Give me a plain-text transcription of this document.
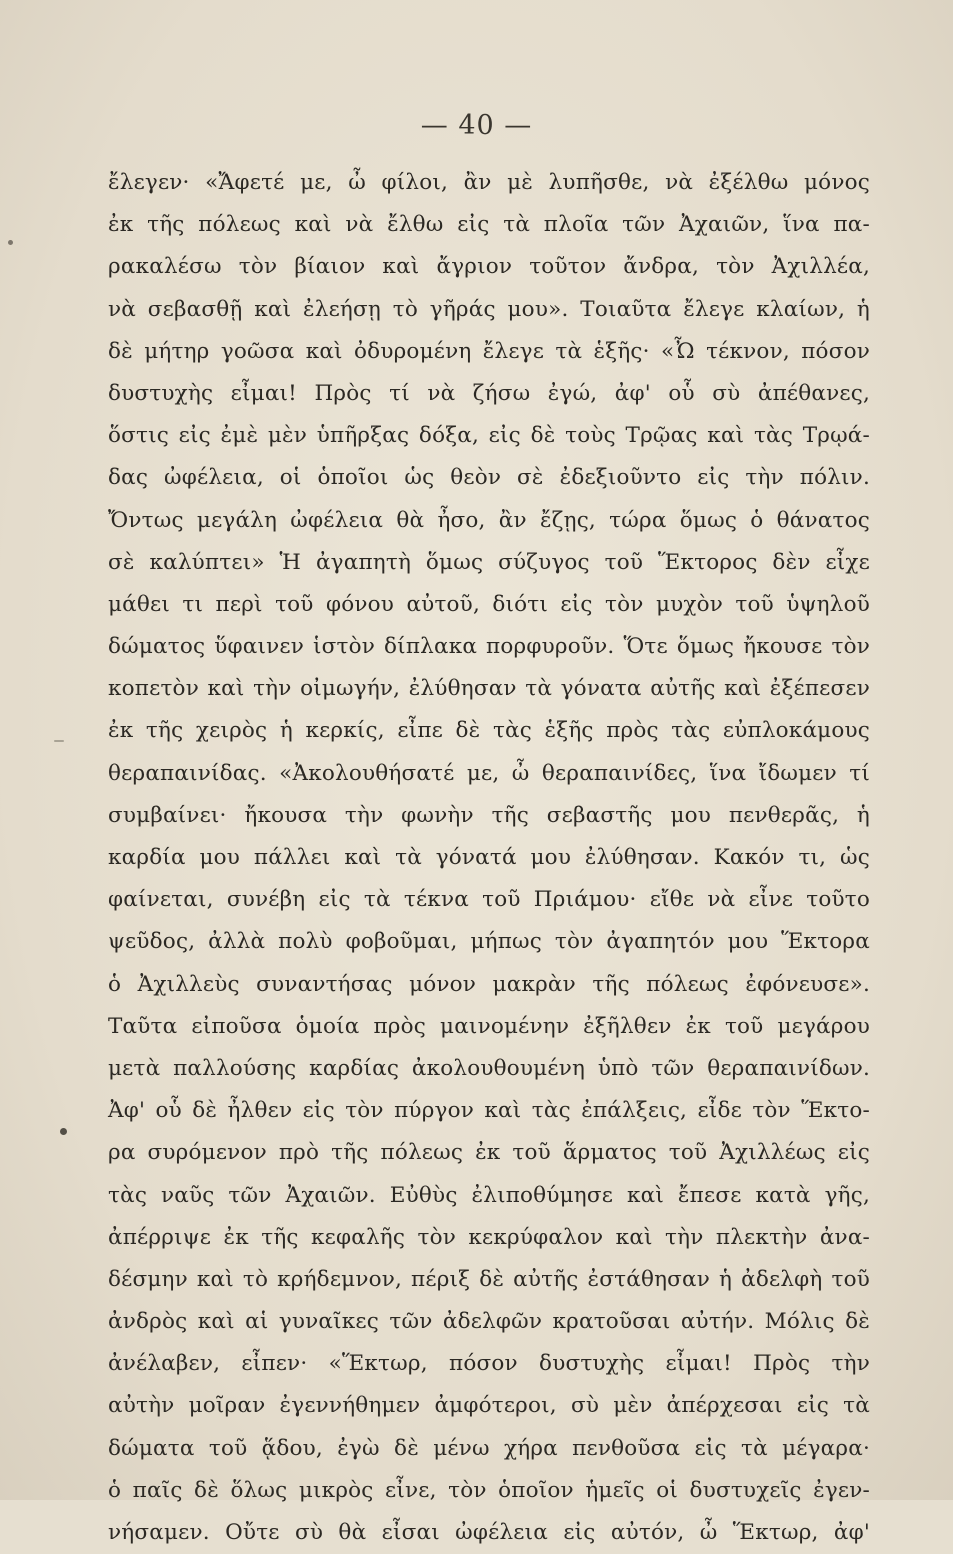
— 40 —
ἔλεγεν· «Ἄφετέ με, ὦ φίλοι, ἂν μὲ λυπῆσθε, νὰ ἐξέλθω μόνος
ἐκ τῆς πόλεως καὶ νὰ ἔλθω εἰς τὰ πλοῖα τῶν Ἀχαιῶν, ἵνα πα-
ρακαλέσω τὸν βίαιον καὶ ἄγριον τοῦτον ἄνδρα, τὸν Ἀχιλλέα,
νὰ σεβασθῇ καὶ ἐλεήσῃ τὸ γῆράς μου». Τοιαῦτα ἔλεγε κλαίων, ἡ
δὲ μήτηρ γοῶσα καὶ ὀδυρομένη ἔλεγε τὰ ἑξῆς· «Ὦ τέκνον, πόσον
δυστυχὴς εἶμαι! Πρὸς τί νὰ ζήσω ἐγώ, ἀφ' οὗ σὺ ἀπέθανες,
ὅστις εἰς ἐμὲ μὲν ὑπῆρξας δόξα, εἰς δὲ τοὺς Τρῷας καὶ τὰς Τρῳά-
δας ὠφέλεια, οἱ ὁποῖοι ὡς θεὸν σὲ ἐδεξιοῦντο εἰς τὴν πόλιν.
Ὄντως μεγάλη ὠφέλεια θὰ ἦσο, ἂν ἔζῃς, τώρα ὅμως ὁ θάνατος
σὲ καλύπτει» Ἡ ἀγαπητὴ ὅμως σύζυγος τοῦ Ἕκτορος δὲν εἶχε
μάθει τι περὶ τοῦ φόνου αὐτοῦ, διότι εἰς τὸν μυχὸν τοῦ ὑψηλοῦ
δώματος ὕφαινεν ἱστὸν δίπλακα πορφυροῦν. Ὅτε ὅμως ἤκουσε τὸν
κοπετὸν καὶ τὴν οἰμωγήν, ἐλύθησαν τὰ γόνατα αὐτῆς καὶ ἐξέπεσεν
ἐκ τῆς χειρὸς ἡ κερκίς, εἶπε δὲ τὰς ἑξῆς πρὸς τὰς εὐπλοκάμους
θεραπαινίδας. «Ἀκολουθήσατέ με, ὦ θεραπαινίδες, ἵνα ἴδωμεν τί
συμβαίνει· ἤκουσα τὴν φωνὴν τῆς σεβαστῆς μου πενθερᾶς, ἡ
καρδία μου πάλλει καὶ τὰ γόνατά μου ἐλύθησαν. Κακόν τι, ὡς
φαίνεται, συνέβη εἰς τὰ τέκνα τοῦ Πριάμου· εἴθε νὰ εἶνε τοῦτο
ψεῦδος, ἀλλὰ πολὺ φοβοῦμαι, μήπως τὸν ἀγαπητόν μου Ἕκτορα
ὁ Ἀχιλλεὺς συναντήσας μόνον μακρὰν τῆς πόλεως ἐφόνευσε».
Ταῦτα εἰποῦσα ὁμοία πρὸς μαινομένην ἐξῆλθεν ἐκ τοῦ μεγάρου
μετὰ παλλούσης καρδίας ἀκολουθουμένη ὑπὸ τῶν θεραπαινίδων.
Ἀφ' οὗ δὲ ἦλθεν εἰς τὸν πύργον καὶ τὰς ἐπάλξεις, εἶδε τὸν Ἕκτο-
ρα συρόμενον πρὸ τῆς πόλεως ἐκ τοῦ ἅρματος τοῦ Ἀχιλλέως εἰς
τὰς ναῦς τῶν Ἀχαιῶν. Εὐθὺς ἐλιποθύμησε καὶ ἔπεσε κατὰ γῆς,
ἀπέρριψε ἐκ τῆς κεφαλῆς τὸν κεκρύφαλον καὶ τὴν πλεκτὴν ἀνα-
δέσμην καὶ τὸ κρήδεμνον, πέριξ δὲ αὐτῆς ἐστάθησαν ἡ ἀδελφὴ τοῦ
ἀνδρὸς καὶ αἱ γυναῖκες τῶν ἀδελφῶν κρατοῦσαι αὐτήν. Μόλις δὲ
ἀνέλαβεν, εἶπεν· «Ἕκτωρ, πόσον δυστυχὴς εἶμαι! Πρὸς τὴν
αὐτὴν μοῖραν ἐγεννήθημεν ἀμφότεροι, σὺ μὲν ἀπέρχεσαι εἰς τὰ
δώματα τοῦ ᾅδου, ἐγὼ δὲ μένω χήρα πενθοῦσα εἰς τὰ μέγαρα·
ὁ παῖς δὲ ὅλως μικρὸς εἶνε, τὸν ὁποῖον ἡμεῖς οἱ δυστυχεῖς ἐγεν-
νήσαμεν. Οὔτε σὺ θὰ εἶσαι ὠφέλεια εἰς αὐτόν, ὦ Ἕκτωρ, ἀφ'
